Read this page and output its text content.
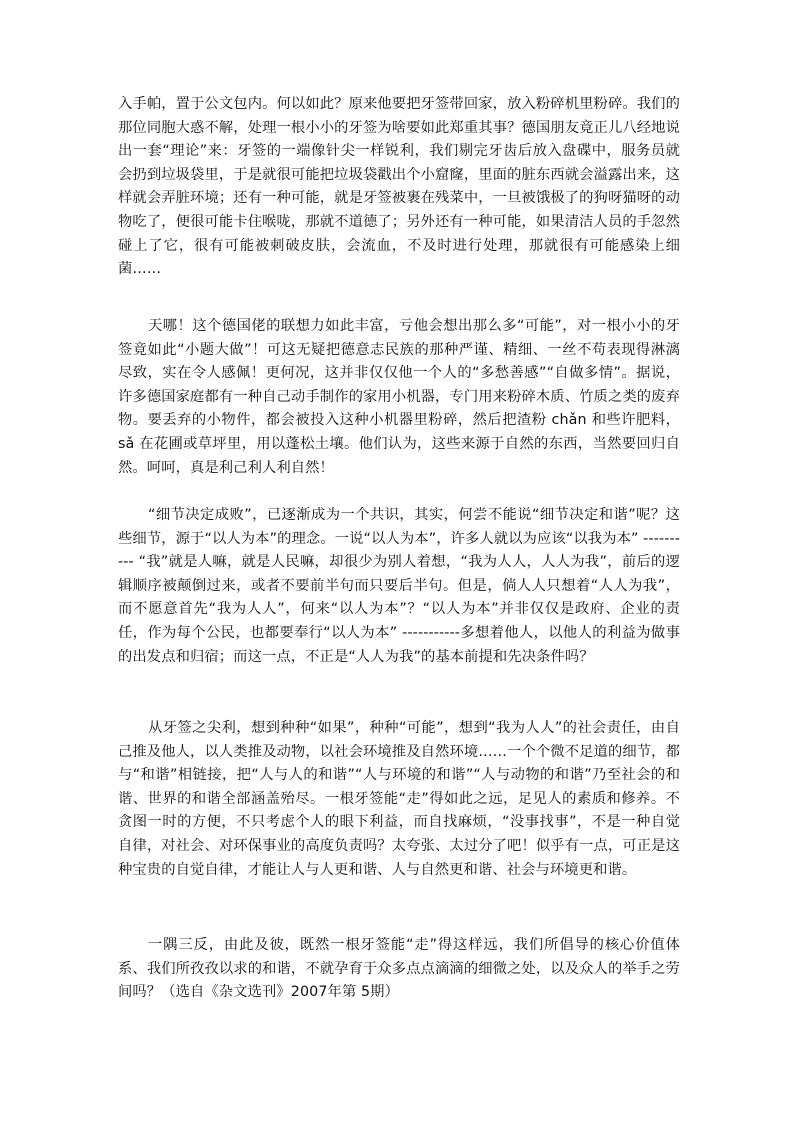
入手帕，置于公文包内。何以如此？原来他要把牙签带回家，放入粉碎机里粉碎。我们的那位同胞大惑不解，处理一根小小的牙签为啥要如此郑重其事？德国朋友竟正儿八经地说出一套“理论”来：牙签的一端像针尖一样锐利，我们剔完牙齿后放入盘碟中，服务员就会扔到垃圾袋里，于是就很可能把垃圾袋戳出个小窟窿，里面的脏东西就会溢露出来，这样就会弄脏环境；还有一种可能，就是牙签被裹在残菜中，一旦被饿极了的狗呀猫呀的动物吃了，便很可能卡住喉咙，那就不道德了；另外还有一种可能，如果清洁人员的手忽然碰上了它，很有可能被刺破皮肤，会流血，不及时进行处理，那就很有可能感染上细菌……

天哪！这个德国佬的联想力如此丰富，亏他会想出那么多“可能”，对一根小小的牙签竟如此“小题大做”！可这无疑把德意志民族的那种严谨、精细、一丝不苟表现得淋漓尽致，实在令人感佩！更何况，这并非仅仅他一个人的“多愁善感”“自做多情”。据说，许多德国家庭都有一种自己动手制作的家用小机器，专门用来粉碎木质、竹质之类的废弃物。要丢弃的小物件，都会被投入这种小机器里粉碎，然后把渣粉 chǎn 和些许肥料，sǎ 在花圃或草坪里，用以蓬松土壤。他们认为，这些来源于自然的东西，当然要回归自然。呵呵，真是利己利人利自然！

“细节决定成败”，已逐渐成为一个共识，其实，何尝不能说“细节决定和谐”呢？这些细节，源于“以人为本”的理念。一说“以人为本”，许多人就以为应该“以我为本” ---------- “我”就是人嘛，就是人民嘛，却很少为别人着想，“我为人人，人人为我”，前后的逻辑顺序被颠倒过来，或者不要前半句而只要后半句。但是，倘人人只想着“人人为我”，而不愿意首先“我为人人”，何来“以人为本”？“以人为本”并非仅仅是政府、企业的责任，作为每个公民，也都要奉行“以人为本” -----------多想着他人，以他人的利益为做事的出发点和归宿；而这一点，不正是“人人为我”的基本前提和先决条件吗？

从牙签之尖利，想到种种“如果”，种种“可能”，想到“我为人人”的社会责任，由自己推及他人，以人类推及动物，以社会环境推及自然环境……一个个微不足道的细节，都与“和谐”相链接，把“人与人的和谐”“人与环境的和谐”“人与动物的和谐”乃至社会的和谐、世界的和谐全部涵盖殆尽。一根牙签能“走”得如此之远，足见人的素质和修养。不贪图一时的方便，不只考虑个人的眼下利益，而自找麻烦，“没事找事”，不是一种自觉自律，对社会、对环保事业的高度负责吗？太夸张、太过分了吧！似乎有一点，可正是这种宝贵的自觉自律，才能让人与人更和谐、人与自然更和谐、社会与环境更和谐。

一隅三反，由此及彼，既然一根牙签能“走”得这样远，我们所倡导的核心价值体系、我们所孜孜以求的和谐，不就孕育于众多点点滴滴的细微之处，以及众人的举手之劳间吗？（选自《杂文选刊》2007年第 5期）
